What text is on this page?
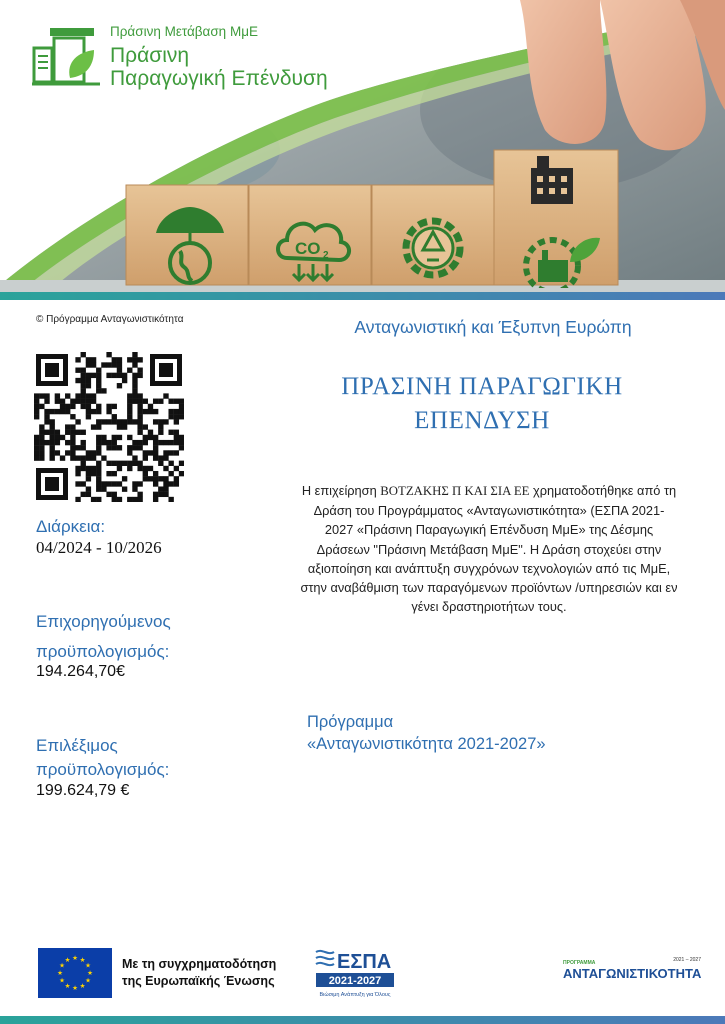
CO 2
Πράσινη Μετάβαση ΜμΕ
Πράσινη
Παραγωγική Επένδυση
© Πρόγραμμα Ανταγωνιστικότητα
Διάρκεια:
04/2024 - 10/2026
Επιχορηγούμενος
προϋπολογισμός:
194.264,70€
Επιλέξιμος
προϋπολογισμός:
199.624,79 €
Ανταγωνιστική και Έξυπνη Ευρώπη
ΠΡΑΣΙΝΗ ΠΑΡΑΓΩΓΙΚΗ
ΕΠΕΝΔΥΣΗ
Η επιχείρηση ΒΟΤΖΑΚΗΣ Π ΚΑΙ ΣΙΑ ΕΕ χρηματοδοτήθηκε από τη Δράση του Προγράμματος «Ανταγωνιστικότητα» (ΕΣΠΑ 2021-2027 «Πράσινη Παραγωγική Επένδυση ΜμΕ» της Δέσμης Δράσεων "Πράσινη Μετάβαση ΜμΕ". Η Δράση στοχεύει στην αξιοποίηση και ανάπτυξη συγχρόνων τεχνολογιών από τις ΜμΕ, στην αναβάθμιση των παραγόμενων προϊόντων /υπηρεσιών και εν γένει δραστηριοτήτων τους.
Πρόγραμμα
«Ανταγωνιστικότητα 2021-2027»
★
★
★
★
★
★
★
★
★ ★ ★
★ Με τη συγχρηματοδότηση
της Ευρωπαϊκής Ένωσης
ΕΣΠΑ
2021-2027
Βιώσιμη Ανάπτυξη για Όλους
ΠΡΟΓΡΑΜΜΑ	2021 – 2027
ΑΝΤΑΓΩΝΙΣΤΙΚΟΤΗΤΑ
